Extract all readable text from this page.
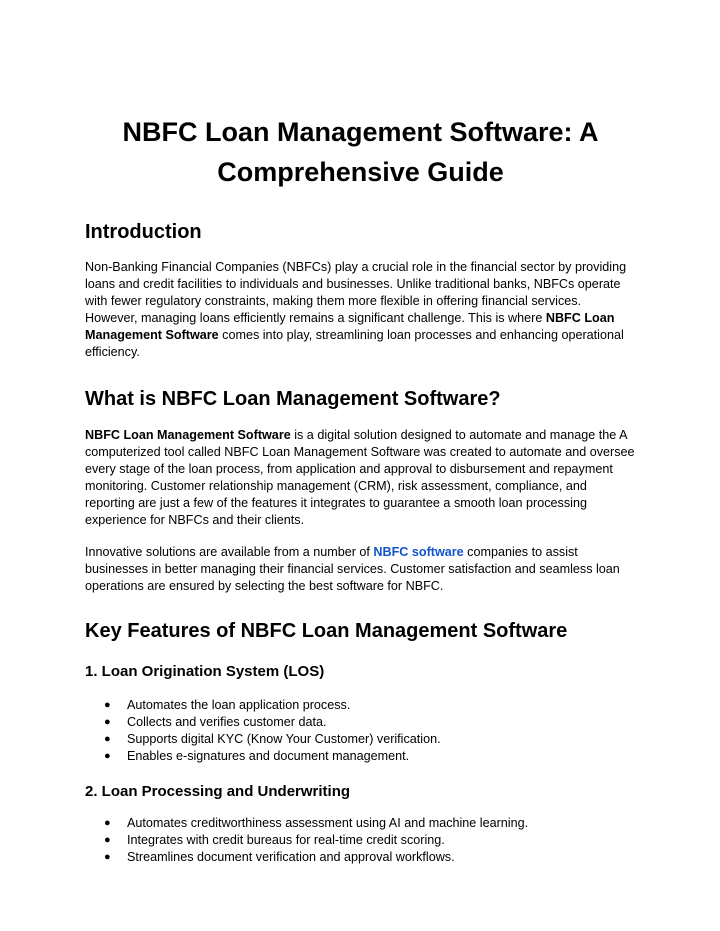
NBFC Loan Management Software: A Comprehensive Guide
Introduction

Non-Banking Financial Companies (NBFCs) play a crucial role in the financial sector by providing loans and credit facilities to individuals and businesses. Unlike traditional banks, NBFCs operate with fewer regulatory constraints, making them more flexible in offering financial services. However, managing loans efficiently remains a significant challenge. This is where NBFC Loan Management Software comes into play, streamlining loan processes and enhancing operational efficiency.

What is NBFC Loan Management Software?

NBFC Loan Management Software is a digital solution designed to automate and manage the A computerized tool called NBFC Loan Management Software was created to automate and oversee every stage of the loan process, from application and approval to disbursement and repayment monitoring. Customer relationship management (CRM), risk assessment, compliance, and reporting are just a few of the features it integrates to guarantee a smooth loan processing experience for NBFCs and their clients.

Innovative solutions are available from a number of NBFC software companies to assist businesses in better managing their financial services. Customer satisfaction and seamless loan operations are ensured by selecting the best software for NBFC.

Key Features of NBFC Loan Management Software
1. Loan Origination System (LOS)
● Automates the loan application process.
● Collects and verifies customer data.
● Supports digital KYC (Know Your Customer) verification.
● Enables e-signatures and document management.
2. Loan Processing and Underwriting
● Automates creditworthiness assessment using AI and machine learning.
● Integrates with credit bureaus for real-time credit scoring.
● Streamlines document verification and approval workflows.
